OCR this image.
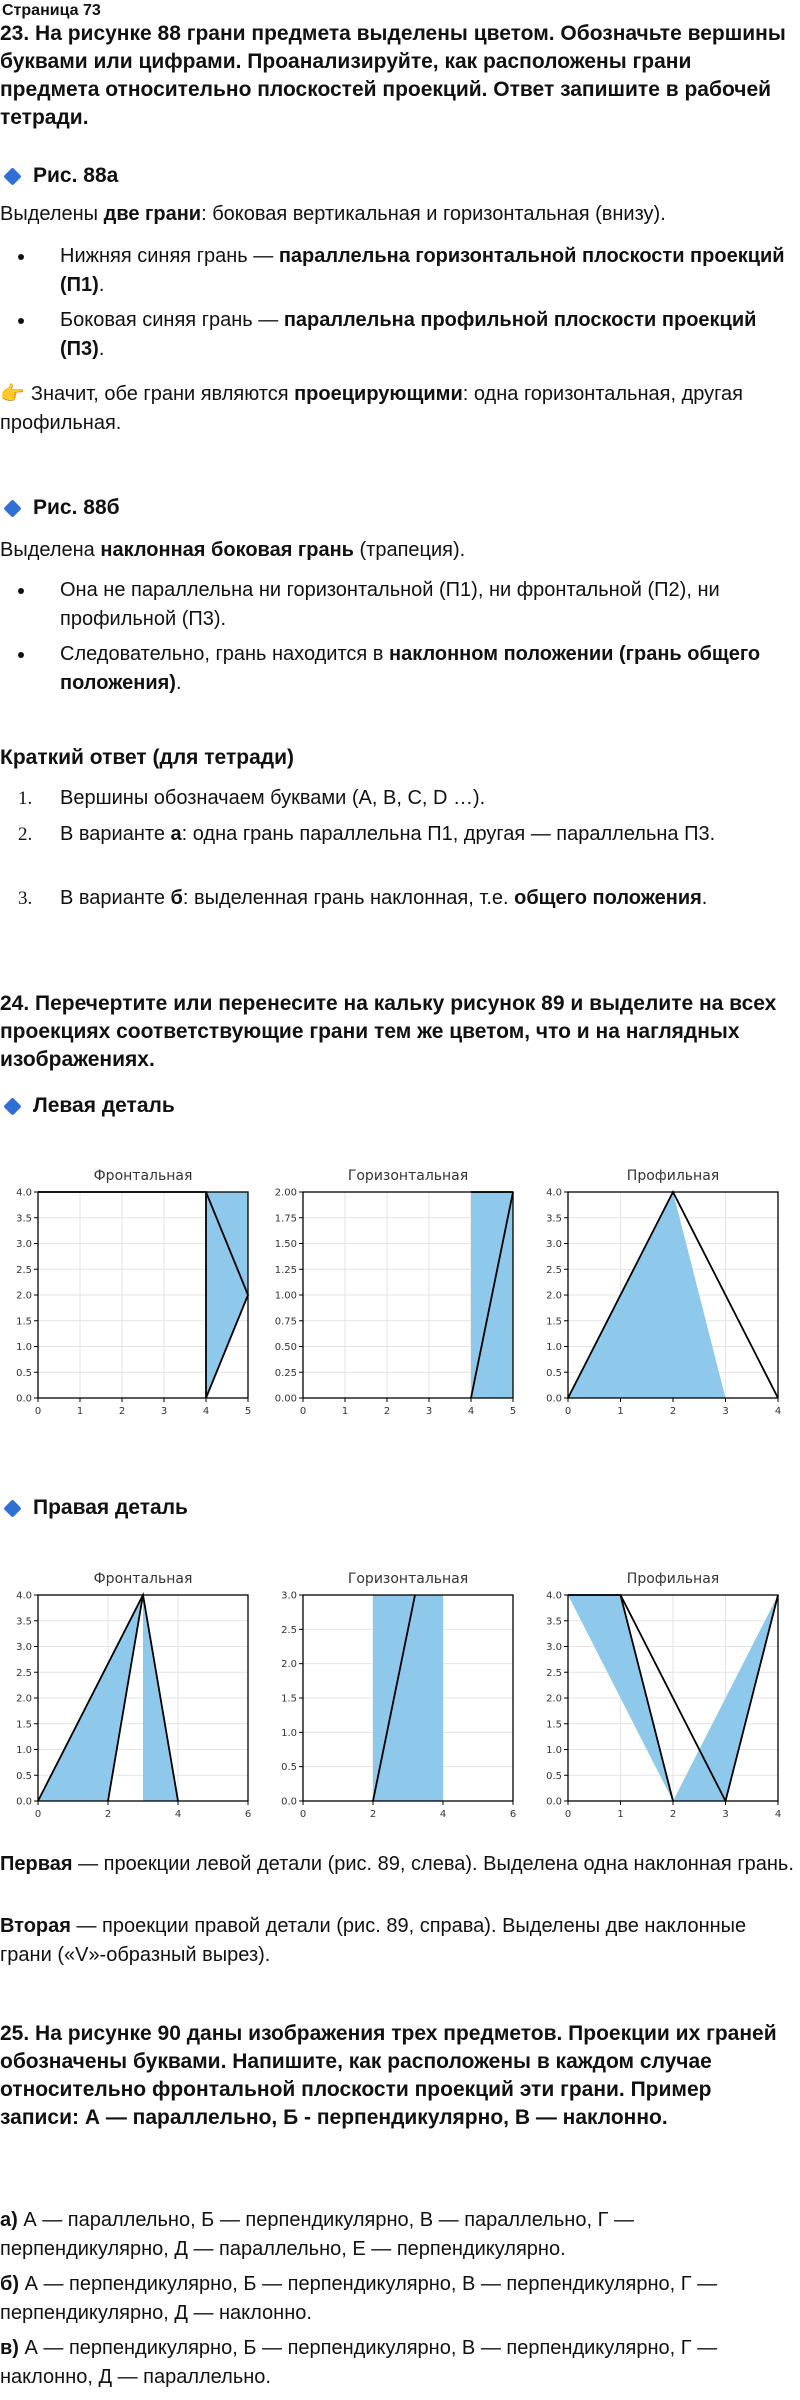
Страница 73
23. На рисунке 88 грани предмета выделены цветом. Обозначьте вершины буквами или цифрами. Проанализируйте, как расположены грани предмета относительно плоскостей проекций. Ответ запишите в рабочей тетради.
Рис. 88а
Выделены две грани: боковая вертикальная и горизонтальная (внизу).
Нижняя синяя грань — параллельна горизонтальной плоскости проекций (П1).
Боковая синяя грань — параллельна профильной плоскости проекций (П3).
👉 Значит, обе грани являются проецирующими: одна горизонтальная, другая профильная.
Рис. 88б
Выделена наклонная боковая грань (трапеция).
Она не параллельна ни горизонтальной (П1), ни фронтальной (П2), ни профильной (П3).
Следовательно, грань находится в наклонном положении (грань общего положения).
Краткий ответ (для тетради)
1. Вершины обозначаем буквами (A, B, C, D …).
2. В варианте а: одна грань параллельна П1, другая — параллельна П3.
3. В варианте б: выделенная грань наклонная, т.е. общего положения.
24. Перечертите или перенесите на кальку рисунок 89 и выделите на всех проекциях соответствующие грани тем же цветом, что и на наглядных изображениях.
Левая деталь
Фронтальная
0	1	2	3	4	5
0.0
0.5
1.0
1.5
2.0
2.5
3.0
3.5
4.0
Горизонтальная
0	1	2	3	4	5
0.00
0.25
0.50
0.75
1.00
1.25
1.50
1.75
2.00
Профильная
0	1	2	3	4
0.0
0.5
1.0
1.5
2.0
2.5
3.0
3.5
4.0
Правая деталь
Фронтальная
0	2	4	6
0.0
0.5
1.0
1.5
2.0
2.5
3.0
3.5
4.0
Горизонтальная
0	2	4	6
0.0
0.5
1.0
1.5
2.0
2.5
3.0
Профильная
0	1	2	3	4
0.0
0.5
1.0
1.5
2.0
2.5
3.0
3.5
4.0
Первая — проекции левой детали (рис. 89, слева). Выделена одна наклонная грань.
Вторая — проекции правой детали (рис. 89, справа). Выделены две наклонные грани («V»-образный вырез).
25. На рисунке 90 даны изображения трех предметов. Проекции их граней обозначены буквами. Напишите, как расположены в каждом случае относительно фронтальной плоскости проекций эти грани. Пример записи: А — параллельно, Б - перпендикулярно, В — наклонно.
а) А — параллельно, Б — перпендикулярно, В — параллельно, Г — перпендикулярно, Д — параллельно, Е — перпендикулярно.
б) А — перпендикулярно, Б — перпендикулярно, В — перпендикулярно, Г — перпендикулярно, Д — наклонно.
в) А — перпендикулярно, Б — перпендикулярно, В — перпендикулярно, Г — наклонно, Д — параллельно.
